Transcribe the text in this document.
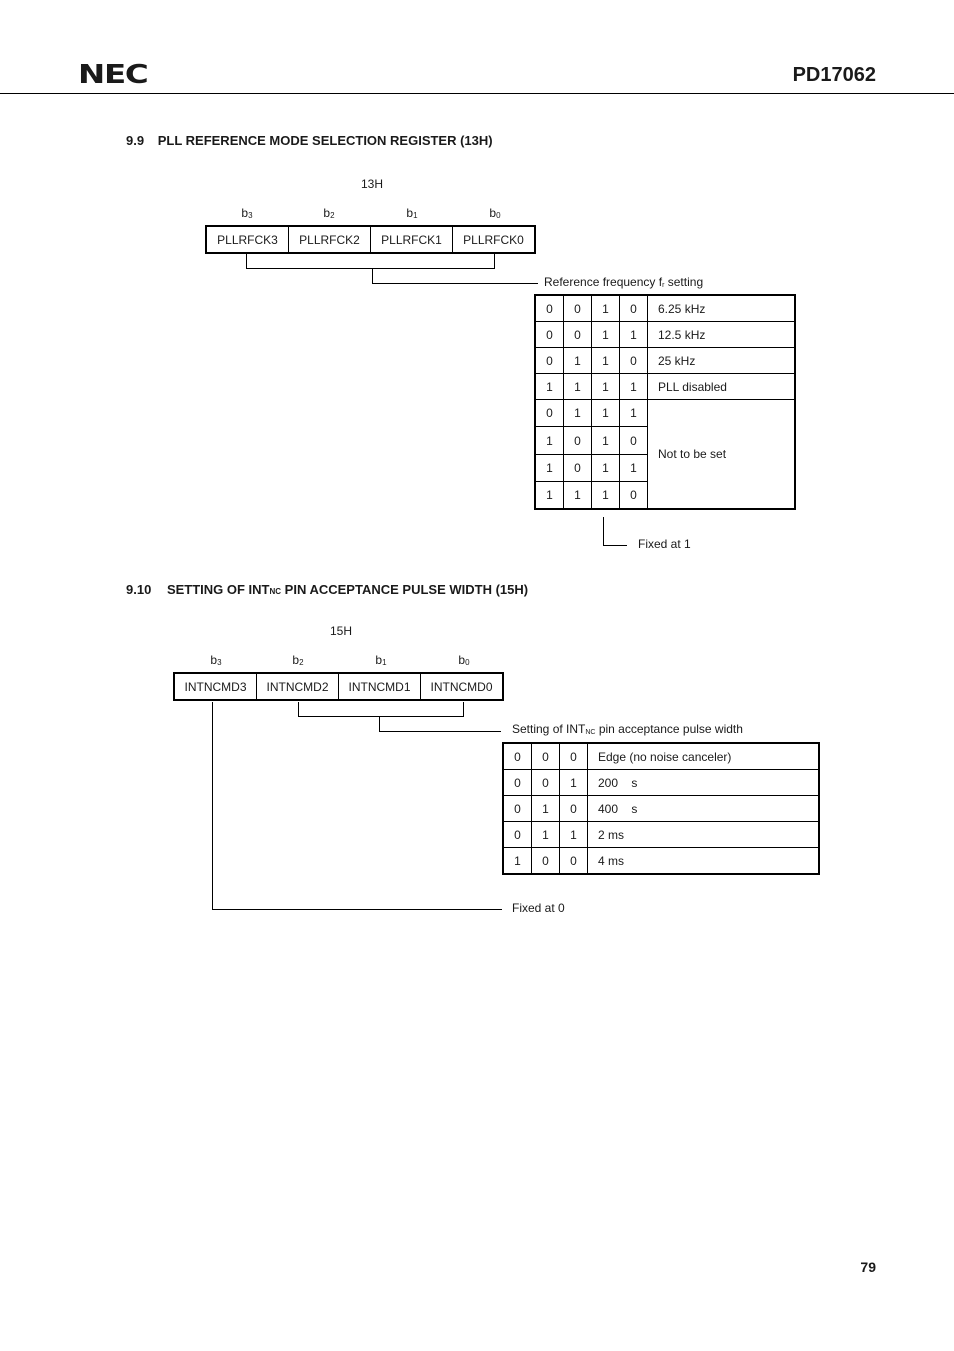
NEC	PD17062
9.9 PLL REFERENCE MODE SELECTION REGISTER (13H)
13H
$b_3$	$b_2$	$b_1$	$b_0$
PLLRFCK3	PLLRFCK2	PLLRFCK1	PLLRFCK0
Reference frequency $f_r$ setting
0	0	1	0	6.25 kHz
0	0	1	1	12.5 kHz
0	1	1	0	25 kHz
1	1	1	1	PLL disabled
0	1	1	1	Not to be set
1	0	1	0	
1	0	1	1	
1	1	1	0	
Fixed at 1
9.10 SETTING OF INTNC PIN ACCEPTANCE PULSE WIDTH (15H)
15H
$b_3$	$b_2$	$b_1$	$b_0$
INTNCMD3	INTNCMD2	INTNCMD1	INTNCMD0
Setting of $INT_{NC}$ pin acceptance pulse width
0	0	0	Edge (no noise canceler)
0	0	1	200    s
0	1	0	400    s
0	1	1	2 ms
1	0	0	4 ms
Fixed at 0
79
